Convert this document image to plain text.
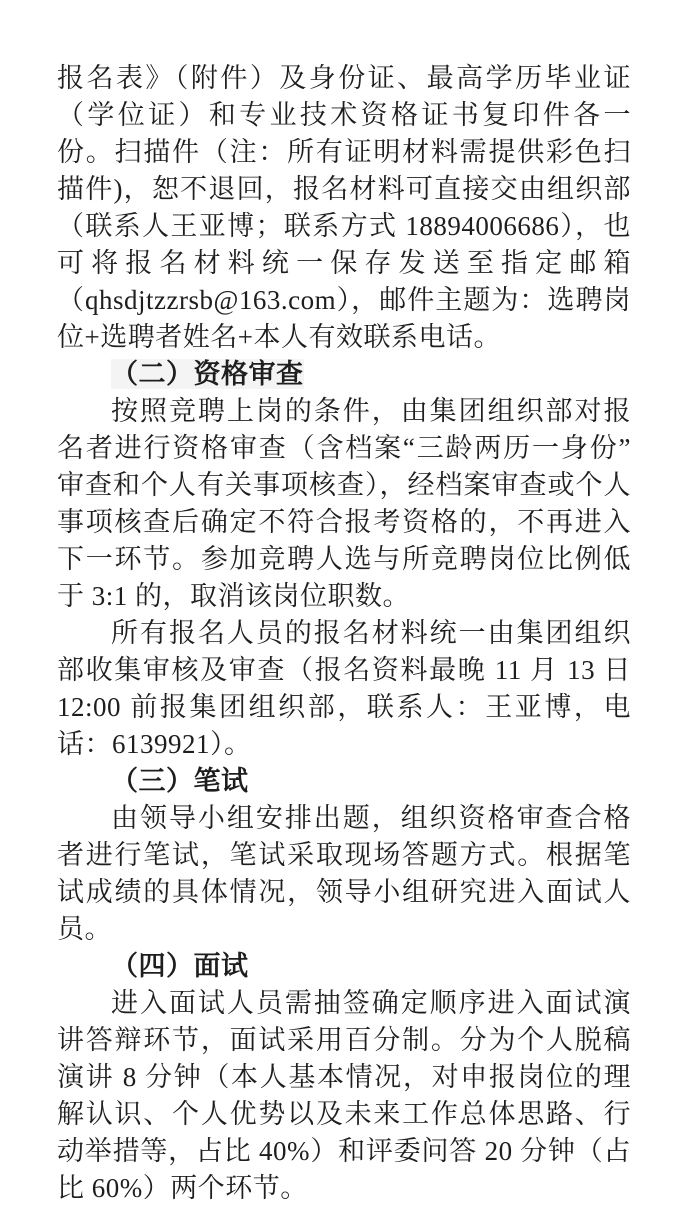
报名表》（附件）及身份证、最高学历毕业证（学位证）和专业技术资格证书复印件各一份。扫描件（注：所有证明材料需提供彩色扫描件)，恕不退回，报名材料可直接交由组织部（联系人王亚博；联系方式 18894006686），也可将报名材料统一保存发送至指定邮箱（qhsdjtzzrsb@163.com），邮件主题为：选聘岗位+选聘者姓名+本人有效联系电话。

（二）资格审查

按照竞聘上岗的条件，由集团组织部对报名者进行资格审查（含档案“三龄两历一身份”审查和个人有关事项核查），经档案审查或个人事项核查后确定不符合报考资格的，不再进入下一环节。参加竞聘人选与所竞聘岗位比例低于 3:1 的，取消该岗位职数。

所有报名人员的报名材料统一由集团组织部收集审核及审查（报名资料最晚 11 月 13 日 12:00 前报集团组织部，联系人：王亚博，电话：6139921）。

（三）笔试

由领导小组安排出题，组织资格审查合格者进行笔试，笔试采取现场答题方式。根据笔试成绩的具体情况，领导小组研究进入面试人员。

（四）面试

进入面试人员需抽签确定顺序进入面试演讲答辩环节，面试采用百分制。分为个人脱稿演讲 8 分钟（本人基本情况，对申报岗位的理解认识、个人优势以及未来工作总体思路、行动举措等，占比 40%）和评委问答 20 分钟（占比 60%）两个环节。
